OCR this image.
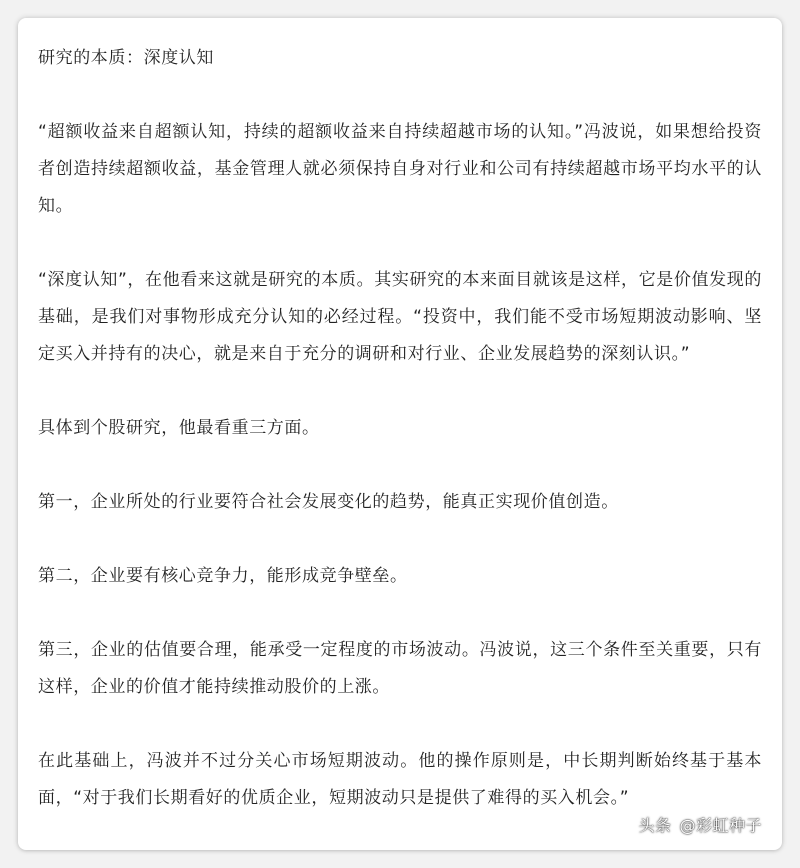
研究的本质：深度认知

“超额收益来自超额认知，持续的超额收益来自持续超越市场的认知。”冯波说，如果想给投资者创造持续超额收益，基金管理人就必须保持自身对行业和公司有持续超越市场平均水平的认知。

“深度认知”，在他看来这就是研究的本质。其实研究的本来面目就该是这样，它是价值发现的基础，是我们对事物形成充分认知的必经过程。“投资中，我们能不受市场短期波动影响、坚定买入并持有的决心，就是来自于充分的调研和对行业、企业发展趋势的深刻认识。”

具体到个股研究，他最看重三方面。

第一，企业所处的行业要符合社会发展变化的趋势，能真正实现价值创造。

第二，企业要有核心竞争力，能形成竞争壁垒。

第三，企业的估值要合理，能承受一定程度的市场波动。冯波说，这三个条件至关重要，只有这样，企业的价值才能持续推动股价的上涨。

在此基础上，冯波并不过分关心市场短期波动。他的操作原则是，中长期判断始终基于基本面，“对于我们长期看好的优质企业，短期波动只是提供了难得的买入机会。”

头条 @彩虹种子
